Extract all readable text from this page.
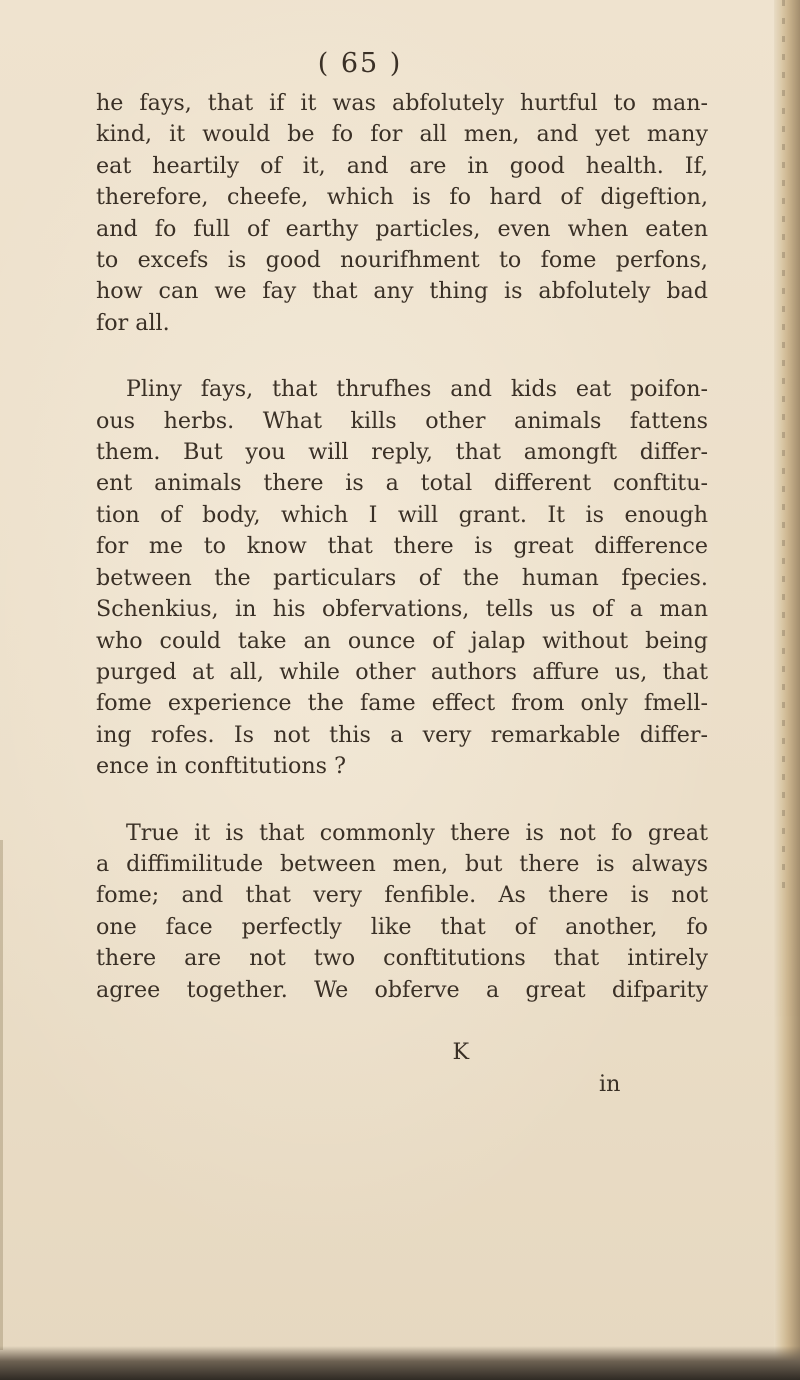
( 65 )
he fays, that if it was abfolutely hurtful to man-
kind, it would be fo for all men, and yet many
eat heartily of it, and are in good health. If,
therefore, cheefe, which is fo hard of digeftion,
and fo full of earthy particles, even when eaten
to excefs is good nourifhment to fome perfons,
how can we fay that any thing is abfolutely bad
for all.
Pliny fays, that thrufhes and kids eat poifon-
ous herbs. What kills other animals fattens
them. But you will reply, that amongft differ-
ent animals there is a total different conftitu-
tion of body, which I will grant. It is enough
for me to know that there is great difference
between the particulars of the human fpecies.
Schenkius, in his obfervations, tells us of a man
who could take an ounce of jalap without being
purged at all, while other authors affure us, that
fome experience the fame effect from only fmell-
ing rofes. Is not this a very remarkable differ-
ence in conftitutions ?
True it is that commonly there is not fo great
a diffimilitude between men, but there is always
fome; and that very fenfible. As there is not
one face perfectly like that of another, fo
there are not two conftitutions that intirely
agree together. We obferve a great difparity

K

in
